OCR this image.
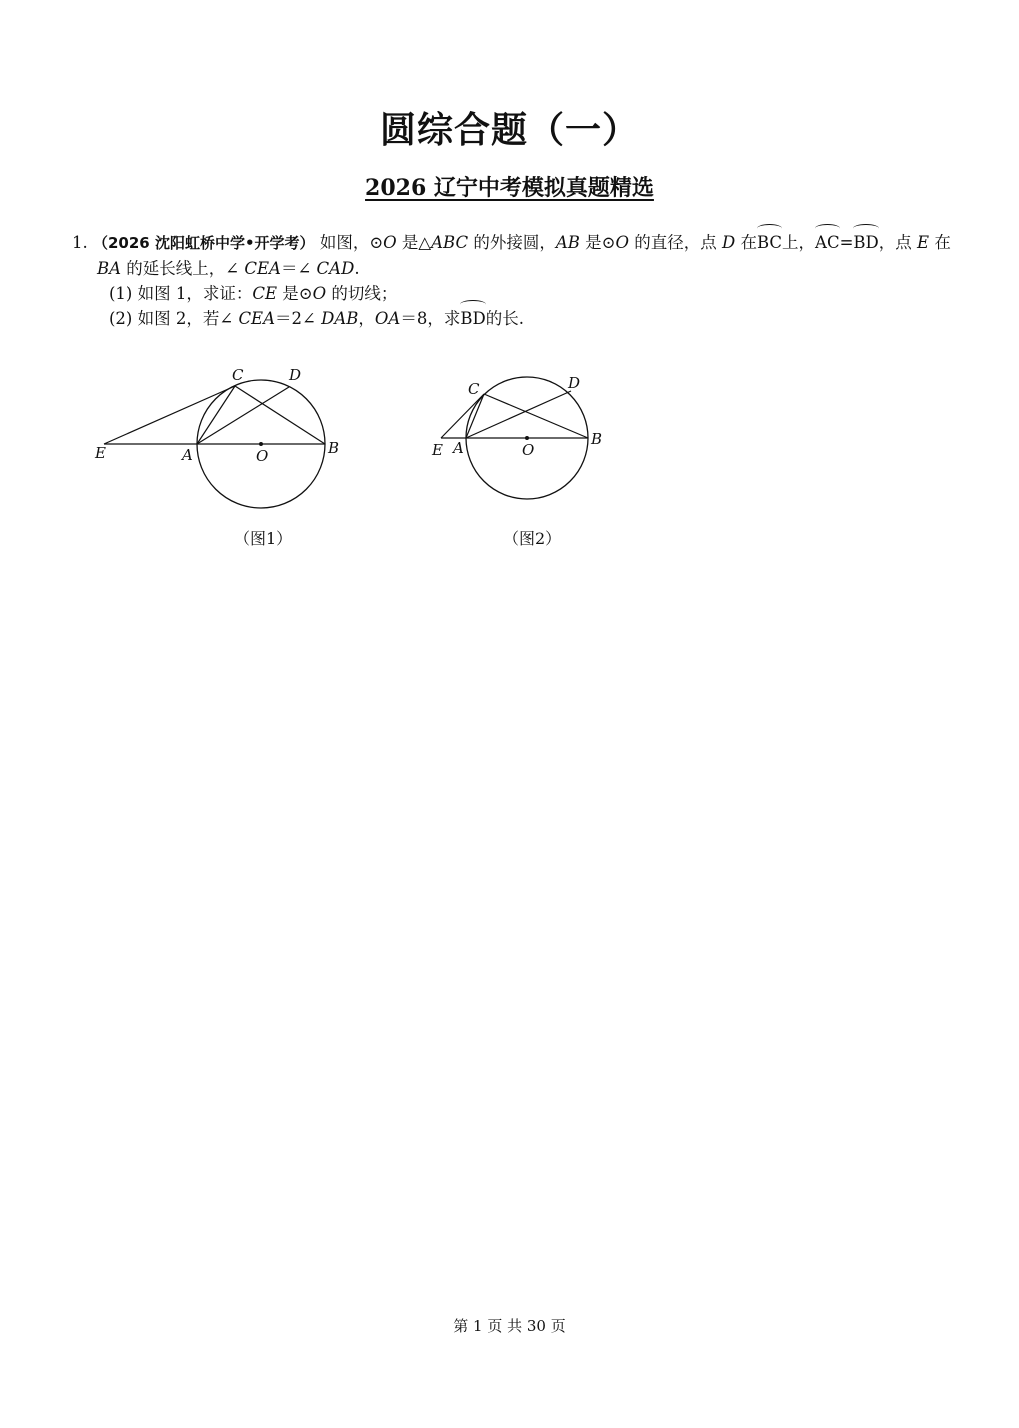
圆综合题（一）
2026 辽宁中考模拟真题精选
1. （2026 沈阳虹桥中学•开学考） 如图，⊙O 是△ABC 的外接圆，AB 是⊙O 的直径，点 D 在BC上，AC=BD，点 E 在
BA 的延长线上，∠ CEA＝∠ CAD.
(1) 如图 1，求证：CE 是⊙O 的切线；
(2) 如图 2，若∠ CEA＝2∠ DAB，OA＝8，求BD的长.
C	D
E	A	O	B
（图1）
C	D
E A	O
B
（图2）
第 1 页 共 30 页
